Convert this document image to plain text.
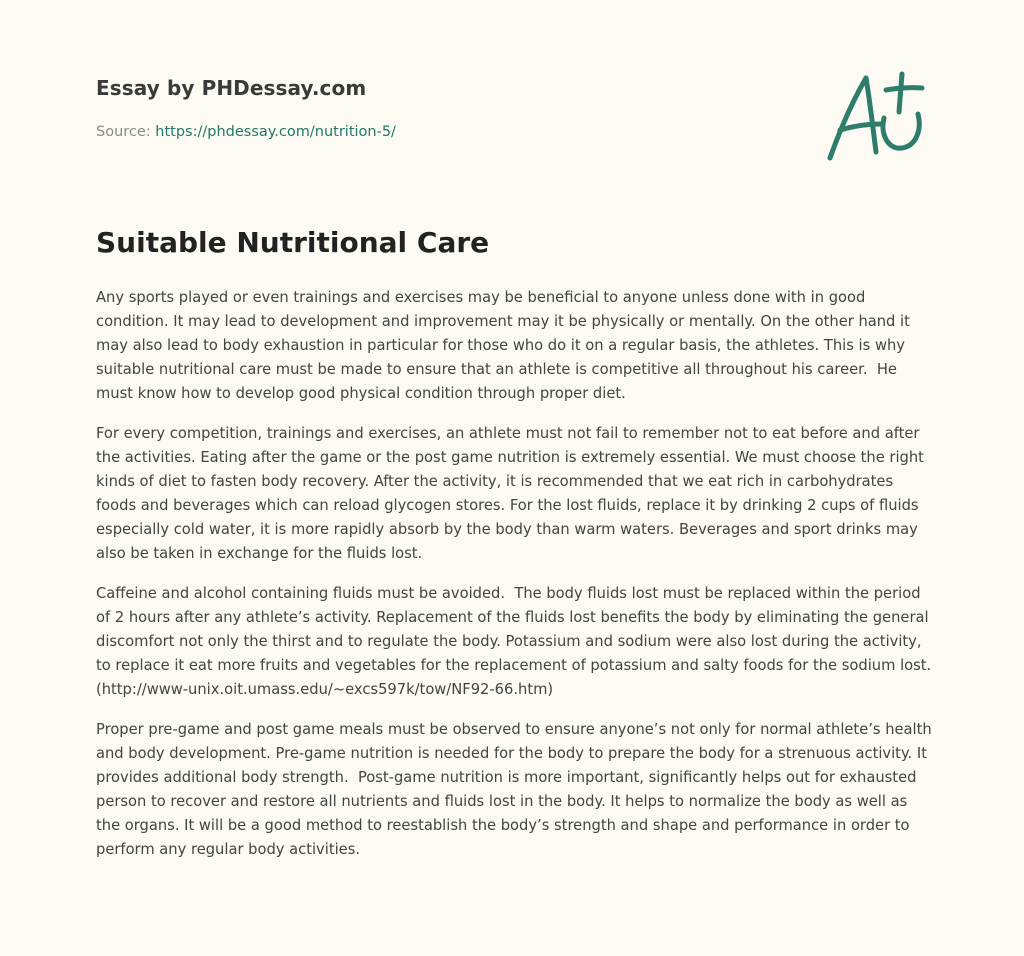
Essay by PHDessay.com
Source: https://phdessay.com/nutrition-5/
Suitable Nutritional Care

Any sports played or even trainings and exercises may be beneficial to anyone unless done with in good condition. It may lead to development and improvement may it be physically or mentally. On the other hand it may also lead to body exhaustion in particular for those who do it on a regular basis, the athletes. This is why suitable nutritional care must be made to ensure that an athlete is competitive all throughout his career.  He must know how to develop good physical condition through proper diet.

For every competition, trainings and exercises, an athlete must not fail to remember not to eat before and after the activities. Eating after the game or the post game nutrition is extremely essential. We must choose the right kinds of diet to fasten body recovery. After the activity, it is recommended that we eat rich in carbohydrates foods and beverages which can reload glycogen stores. For the lost fluids, replace it by drinking 2 cups of fluids especially cold water, it is more rapidly absorb by the body than warm waters. Beverages and sport drinks may also be taken in exchange for the fluids lost.

Caffeine and alcohol containing fluids must be avoided.  The body fluids lost must be replaced within the period of 2 hours after any athlete’s activity. Replacement of the fluids lost benefits the body by eliminating the general discomfort not only the thirst and to regulate the body. Potassium and sodium were also lost during the activity, to replace it eat more fruits and vegetables for the replacement of potassium and salty foods for the sodium lost. (http://www-unix.oit.umass.edu/~excs597k/tow/NF92-66.htm)

Proper pre-game and post game meals must be observed to ensure anyone’s not only for normal athlete’s health and body development. Pre-game nutrition is needed for the body to prepare the body for a strenuous activity. It provides additional body strength.  Post-game nutrition is more important, significantly helps out for exhausted person to recover and restore all nutrients and fluids lost in the body. It helps to normalize the body as well as the organs. It will be a good method to reestablish the body’s strength and shape and performance in order to perform any regular body activities.
